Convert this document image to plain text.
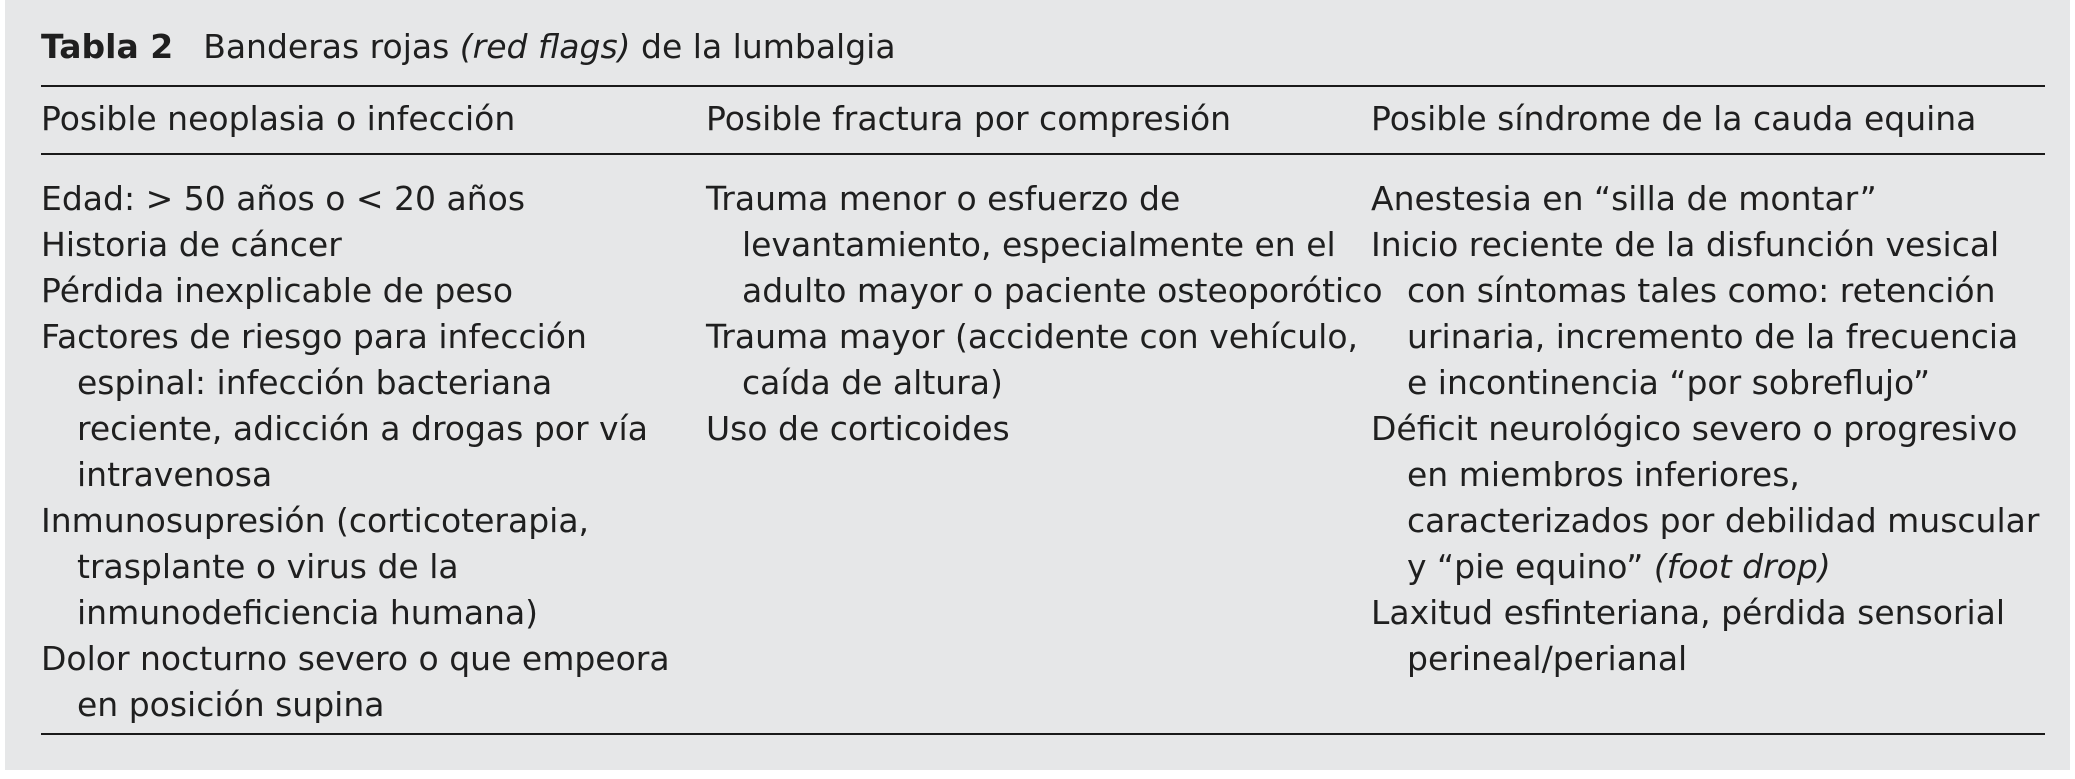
Tabla 2 Banderas rojas (red flags) de la lumbalgia
Posible neoplasia o infección	Posible fractura por compresión	Posible síndrome de la cauda equina
Edad: > 50 años o < 20 años
Historia de cáncer
Pérdida inexplicable de peso
Factores de riesgo para infección espinal: infección bacteriana reciente, adicción a drogas por vía intravenosa
Inmunosupresión (corticoterapia, trasplante o virus de la inmunodeficiencia humana)
Dolor nocturno severo o que empeora en posición supina
Trauma menor o esfuerzo de levantamiento, especialmente en el adulto mayor o paciente osteoporótico
Trauma mayor (accidente con vehículo, caída de altura)
Uso de corticoides
Anestesia en “silla de montar”
Inicio reciente de la disfunción vesical con síntomas tales como: retención urinaria, incremento de la frecuencia e incontinencia “por sobreflujo”
Déficit neurológico severo o progresivo en miembros inferiores, caracterizados por debilidad muscular y “pie equino” (foot drop)
Laxitud esfinteriana, pérdida sensorial perineal/perianal
